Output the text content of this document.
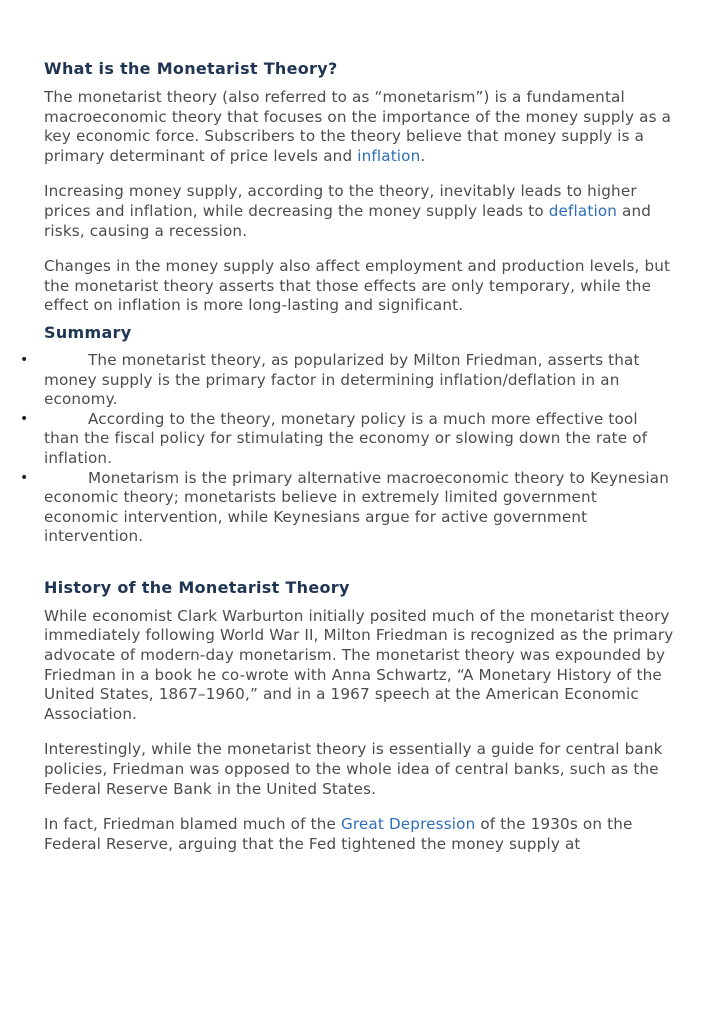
What is the Monetarist Theory?

The monetarist theory (also referred to as “monetarism”) is a fundamental macroeconomic theory that focuses on the importance of the money supply as a key economic force. Subscribers to the theory believe that money supply is a primary determinant of price levels and inflation.

Increasing money supply, according to the theory, inevitably leads to higher prices and inflation, while decreasing the money supply leads to deflation and risks, causing a recession.

Changes in the money supply also affect employment and production levels, but the monetarist theory asserts that those effects are only temporary, while the effect on inflation is more long-lasting and significant.

Summary
•	The monetarist theory, as popularized by Milton Friedman, asserts that money supply is the primary factor in determining inflation/deflation in an economy.
•	According to the theory, monetary policy is a much more effective tool than the fiscal policy for stimulating the economy or slowing down the rate of inflation.
•	Monetarism is the primary alternative macroeconomic theory to Keynesian economic theory; monetarists believe in extremely limited government economic intervention, while Keynesians argue for active government intervention.
History of the Monetarist Theory

While economist Clark Warburton initially posited much of the monetarist theory immediately following World War II, Milton Friedman is recognized as the primary advocate of modern-day monetarism. The monetarist theory was expounded by Friedman in a book he co-wrote with Anna Schwartz, “A Monetary History of the United States, 1867–1960,” and in a 1967 speech at the American Economic Association.

Interestingly, while the monetarist theory is essentially a guide for central bank policies, Friedman was opposed to the whole idea of central banks, such as the Federal Reserve Bank in the United States.

In fact, Friedman blamed much of the Great Depression of the 1930s on the Federal Reserve, arguing that the Fed tightened the money supply at
